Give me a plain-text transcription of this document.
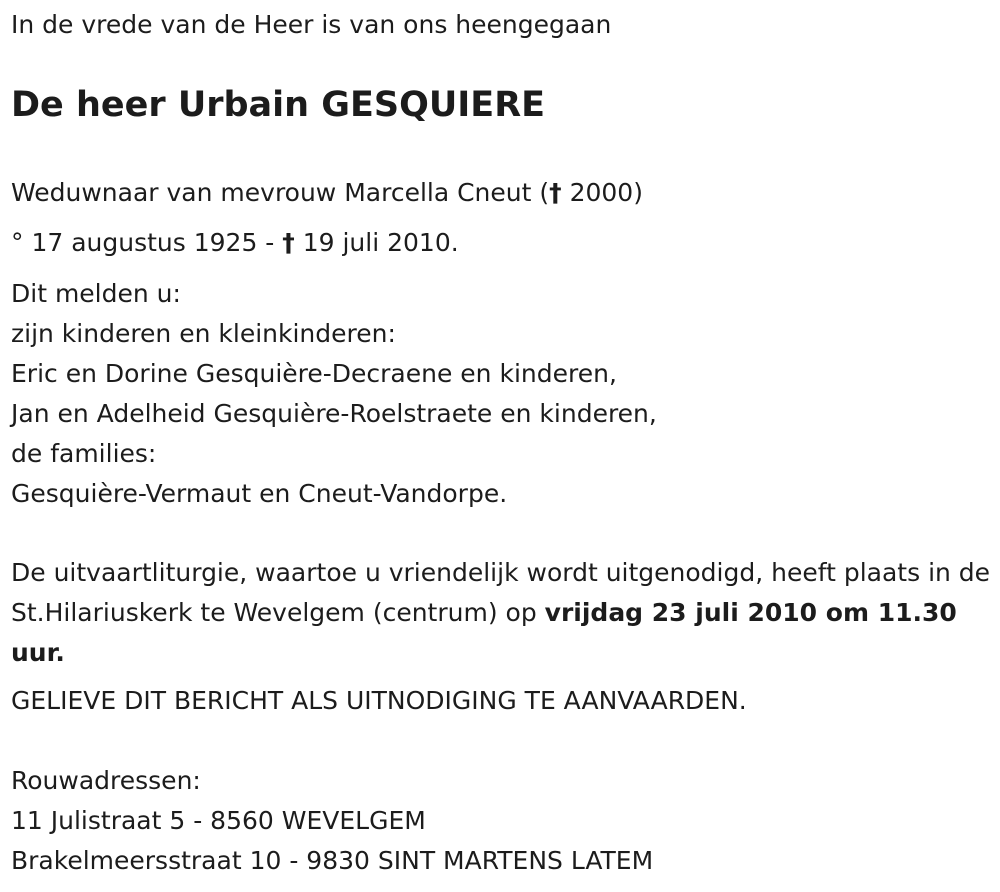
In de vrede van de Heer is van ons heengegaan
De heer Urbain GESQUIERE
Weduwnaar van mevrouw Marcella Cneut († 2000)
° 17 augustus 1925 - † 19 juli 2010.
Dit melden u:
zijn kinderen en kleinkinderen:
Eric en Dorine Gesquière-Decraene en kinderen,
Jan en Adelheid Gesquière-Roelstraete en kinderen,
de families:
Gesquière-Vermaut en Cneut-Vandorpe.
De uitvaartliturgie, waartoe u vriendelijk wordt uitgenodigd, heeft plaats in de St.Hilariuskerk te Wevelgem (centrum) op vrijdag 23 juli 2010 om 11.30 uur.
GELIEVE DIT BERICHT ALS UITNODIGING TE AANVAARDEN.
Rouwadressen:
11 Julistraat 5 - 8560 WEVELGEM
Brakelmeersstraat 10 - 9830 SINT MARTENS LATEM
